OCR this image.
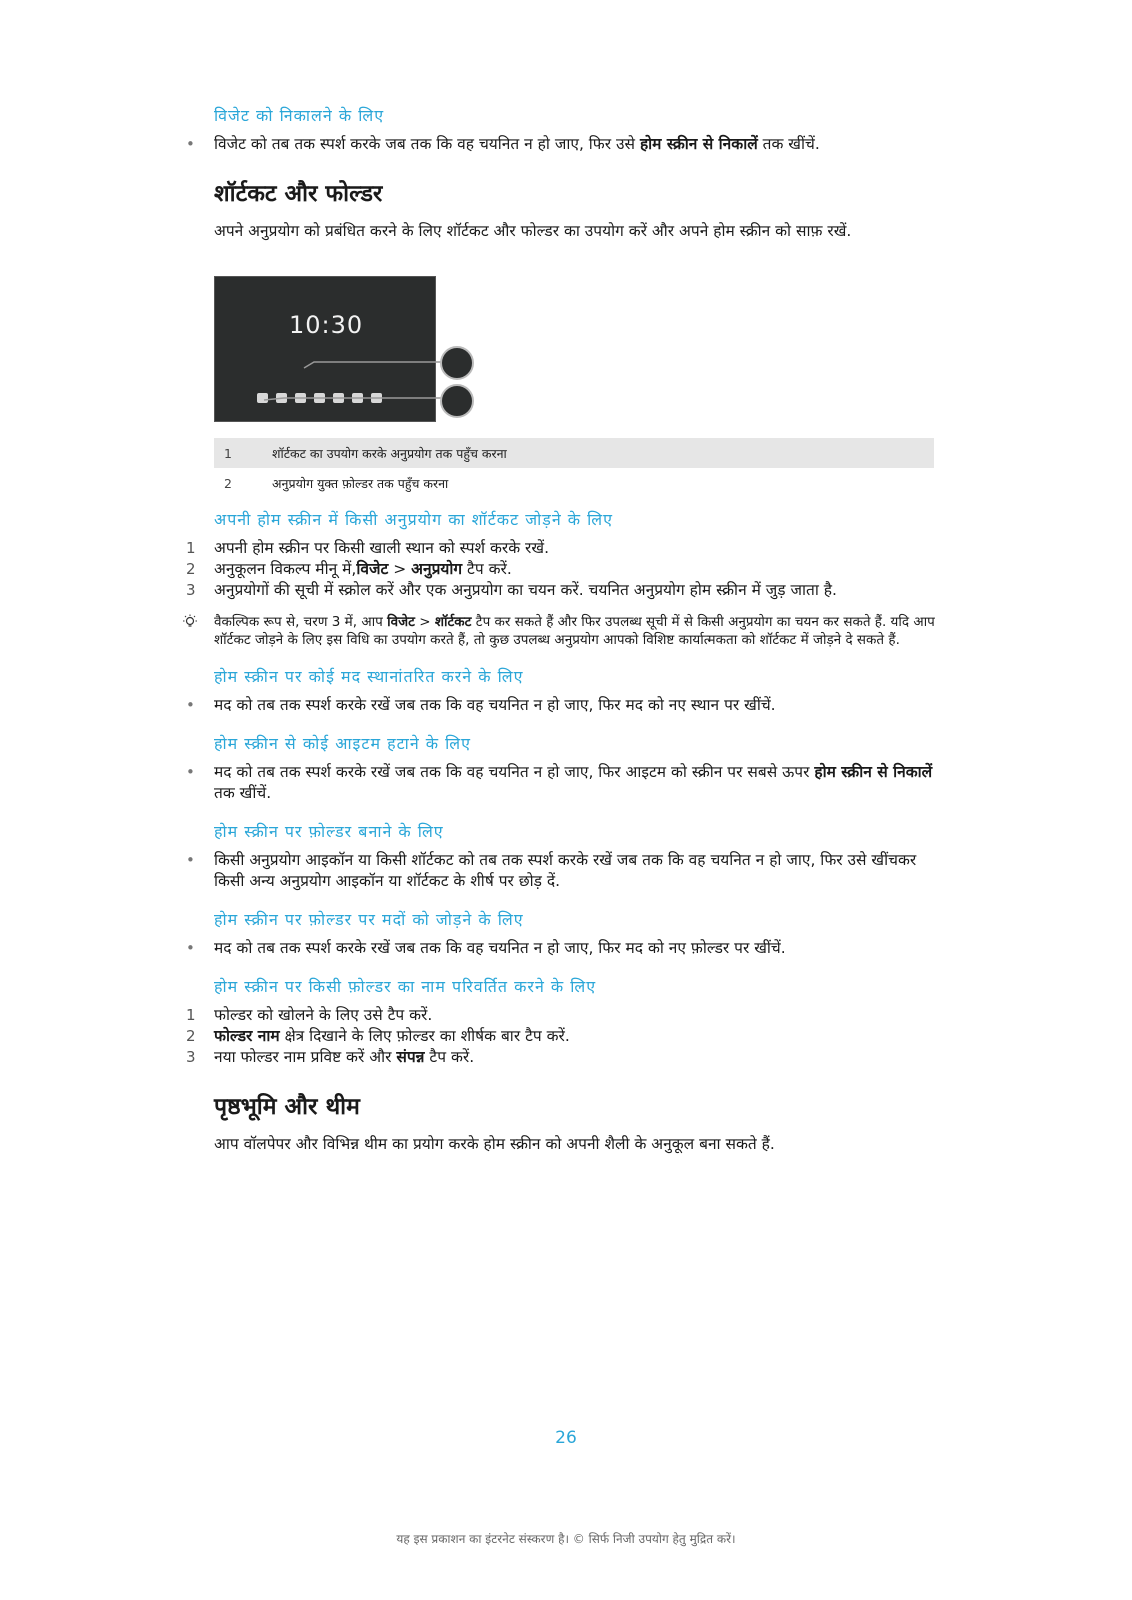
विजेट को निकालने के लिए
• विजेट को तब तक स्पर्श करके जब तक कि वह चयनित न हो जाए, फिर उसे होम स्क्रीन से निकालें तक खींचें.
शॉर्टकट और फोल्डर

अपने अनुप्रयोग को प्रबंधित करने के लिए शॉर्टकट और फोल्डर का उपयोग करें और अपने होम स्क्रीन को साफ़ रखें.

10:30
1	शॉर्टकट का उपयोग करके अनुप्रयोग तक पहुँच करना
2	अनुप्रयोग युक्त फ़ोल्डर तक पहुँच करना
अपनी होम स्क्रीन में किसी अनुप्रयोग का शॉर्टकट जोड़ने के लिए
1 अपनी होम स्क्रीन पर किसी खाली स्थान को स्पर्श करके रखें.
2 अनुकूलन विकल्प मीनू में,विजेट > अनुप्रयोग टैप करें.
3 अनुप्रयोगों की सूची में स्क्रोल करें और एक अनुप्रयोग का चयन करें. चयनित अनुप्रयोग होम स्क्रीन में जुड़ जाता है.
वैकल्पिक रूप से, चरण 3 में, आप विजेट > शॉर्टकट टैप कर सकते हैं और फिर उपलब्ध सूची में से किसी अनुप्रयोग का चयन कर सकते हैं. यदि आप शॉर्टकट जोड़ने के लिए इस विधि का उपयोग करते हैं, तो कुछ उपलब्ध अनुप्रयोग आपको विशिष्ट कार्यात्मकता को शॉर्टकट में जोड़ने दे सकते हैं.
होम स्क्रीन पर कोई मद स्थानांतरित करने के लिए
• मद को तब तक स्पर्श करके रखें जब तक कि वह चयनित न हो जाए, फिर मद को नए स्थान पर खींचें.
होम स्क्रीन से कोई आइटम हटाने के लिए
• मद को तब तक स्पर्श करके रखें जब तक कि वह चयनित न हो जाए, फिर आइटम को स्क्रीन पर सबसे ऊपर होम स्क्रीन से निकालें तक खींचें.
होम स्क्रीन पर फ़ोल्डर बनाने के लिए
• किसी अनुप्रयोग आइकॉन या किसी शॉर्टकट को तब तक स्पर्श करके रखें जब तक कि वह चयनित न हो जाए, फिर उसे खींचकर किसी अन्य अनुप्रयोग आइकॉन या शॉर्टकट के शीर्ष पर छोड़ दें.
होम स्क्रीन पर फ़ोल्डर पर मदों को जोड़ने के लिए
• मद को तब तक स्पर्श करके रखें जब तक कि वह चयनित न हो जाए, फिर मद को नए फ़ोल्डर पर खींचें.
होम स्क्रीन पर किसी फ़ोल्डर का नाम परिवर्तित करने के लिए
1 फोल्डर को खोलने के लिए उसे टैप करें.
2 फोल्डर नाम क्षेत्र दिखाने के लिए फ़ोल्डर का शीर्षक बार टैप करें.
3 नया फोल्डर नाम प्रविष्ट करें और संपन्न टैप करें.
पृष्ठभूमि और थीम

आप वॉलपेपर और विभिन्न थीम का प्रयोग करके होम स्क्रीन को अपनी शैली के अनुकूल बना सकते हैं.

26
यह इस प्रकाशन का इंटरनेट संस्करण है। © सिर्फ निजी उपयोग हेतु मुद्रित करें।
